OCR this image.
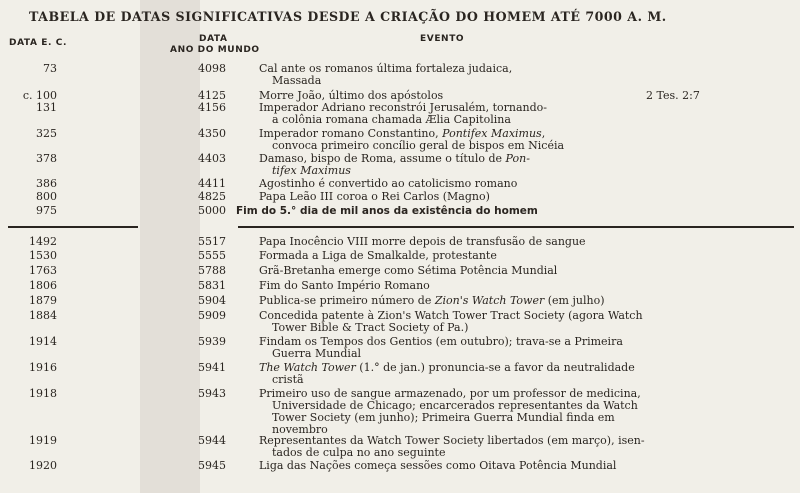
TABELA DE DATAS SIGNIFICATIVAS DESDE A CRIAÇÃO DO HOMEM ATÉ 7000 A. M.
DATA E. C.	DATA
ANO DO MUNDO
EVENTO
73	4098	Cal ante os romanos última fortaleza judaica,
Massada
c. 100	4125	Morre João, último dos apóstolos	2 Tes. 2:7
131	4156	Imperador Adriano reconstrói Jerusalém, tornando-
a colônia romana chamada Ælia Capitolina
325	4350	Imperador romano Constantino, Pontifex Maximus,
convoca primeiro concílio geral de bispos em Nicéia
378	4403	Damaso, bispo de Roma, assume o título de Pon-
tifex Maximus
386	4411	Agostinho é convertido ao catolicismo romano
800	4825	Papa Leão III coroa o Rei Carlos (Magno)
975	5000 Fim do 5.° dia de mil anos da existência do homem
1492	5517	Papa Inocêncio VIII morre depois de transfusão de sangue
1530	5555	Formada a Liga de Smalkalde, protestante
1763	5788	Grã-Bretanha emerge como Sétima Potência Mundial
1806	5831	Fim do Santo Império Romano
1879	5904	Publica-se primeiro número de Zion's Watch Tower (em julho)
1884	5909	Concedida patente à Zion's Watch Tower Tract Society (agora Watch
Tower Bible & Tract Society of Pa.)
1914	5939	Findam os Tempos dos Gentios (em outubro); trava-se a Primeira
Guerra Mundial
1916	5941	The Watch Tower (1.° de jan.) pronuncia-se a favor da neutralidade
cristã
1918	5943	Primeiro uso de sangue armazenado, por um professor de medicina,
Universidade de Chicago; encarcerados representantes da Watch
Tower Society (em junho); Primeira Guerra Mundial finda em
novembro
1919	5944	Representantes da Watch Tower Society libertados (em março), isen-
tados de culpa no ano seguinte
1920	5945	Liga das Nações começa sessões como Oitava Potência Mundial
